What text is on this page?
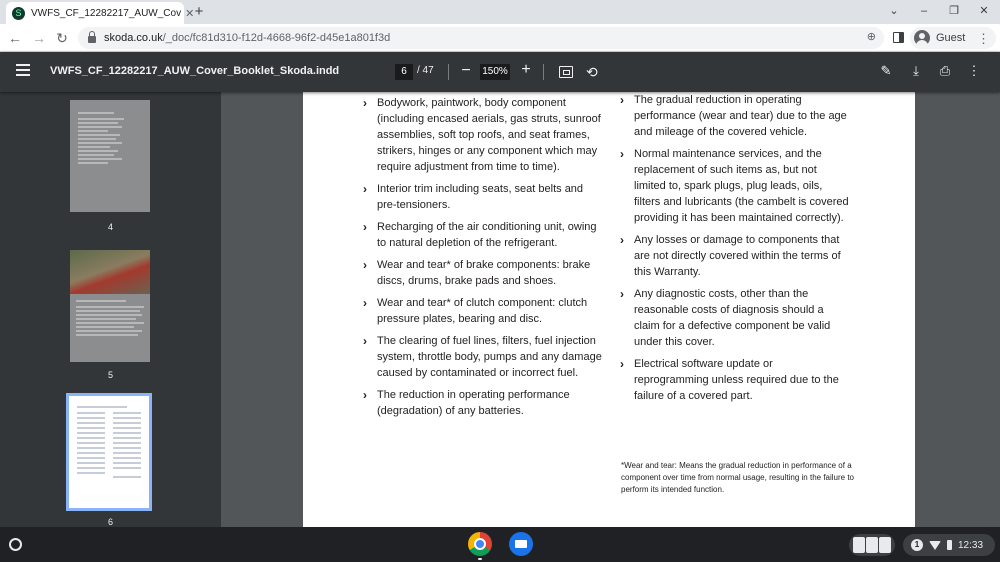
S VWFS_CF_12282217_AUW_Cov ✕ +	⌄	–	❐	✕
← → ↻	skoda.co.uk/_doc/fc81d310-f12d-4668-96f2-d45e1a801f3d	⊕	Guest ⋮
VWFS_CF_12282217_AUW_Cover_Booklet_Skoda.indd	6	/ 47 − 150% +	⟲	✎	⤓	⎙ ⋮
4
5
6
› Bodywork, paintwork, body component (including encased aerials, gas struts, sunroof assemblies, soft top roofs, and seat frames, strikers, hinges or any component which may require adjustment from time to time).
› Interior trim including seats, seat belts and pre-tensioners.
› Recharging of the air conditioning unit, owing to natural depletion of the refrigerant.
› Wear and tear* of brake components: brake discs, drums, brake pads and shoes.
› Wear and tear* of clutch component: clutch pressure plates, bearing and disc.
› The clearing of fuel lines, filters, fuel injection system, throttle body, pumps and any damage caused by contaminated or incorrect fuel.
› The reduction in operating performance (degradation) of any batteries.
› The gradual reduction in operating performance (wear and tear) due to the age and mileage of the covered vehicle.
› Normal maintenance services, and the replacement of such items as, but not limited to, spark plugs, plug leads, oils, filters and lubricants (the cambelt is covered providing it has been maintained correctly).
› Any losses or damage to components that are not directly covered within the terms of this Warranty.
› Any diagnostic costs, other than the reasonable costs of diagnosis should a claim for a defective component be valid under this cover.
› Electrical software update or reprogramming unless required due to the failure of a covered part.
*Wear and tear: Means the gradual reduction in performance of a component over time from normal usage, resulting in the failure to perform its intended function.
1	12:33
